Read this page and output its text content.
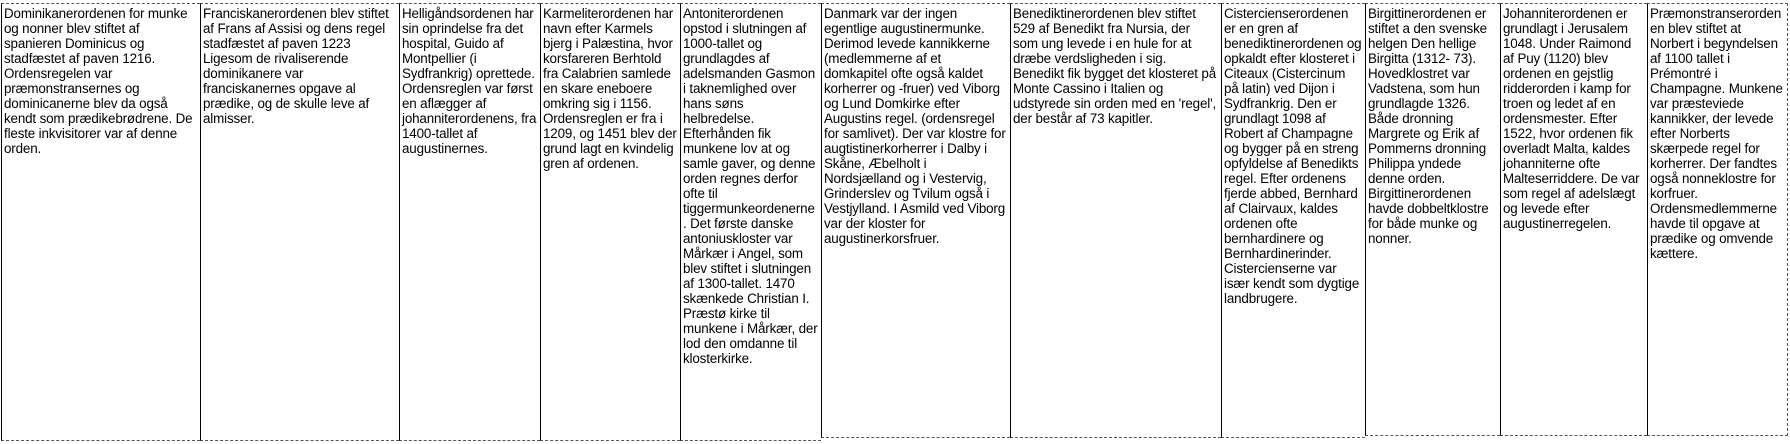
Dominikanerordenen for munke og nonner blev stiftet af spanieren Dominicus og stadfæstet af paven 1216. Ordensregelen var præmonstransernes og dominicanerne blev da også kendt som prædikebrødrene. De fleste inkvisitorer var af denne orden.
Franciskanerordenen blev stiftet af Frans af Assisi og dens regel stadfæstet af paven 1223 Ligesom de rivaliserende dominikanere var franciskanernes opgave al prædike, og de skulle leve af almisser.
Helligåndsordenen har sin oprindelse fra det hospital, Guido af Montpellier (i Sydfrankrig) oprettede. Ordensreglen var først en aflægger af johanniterordenens, fra 1400-tallet af augustinernes.
Karmeliterordenen har navn efter Karmels bjerg i Palæstina, hvor korsfareren Berhtold fra Calabrien samlede en skare eneboere omkring sig i 1156. Ordensreglen er fra i 1209, og 1451 blev der grund lagt en kvindelig gren af ordenen.
Antoniterordenen opstod i slutningen af 1000-tallet og grundlagdes af adelsmanden Gasmon i taknemlighed over hans søns helbredelse. Efterhånden fik munkene lov at og samle gaver, og denne orden regnes derfor ofte til tiggermunkeordenerne. Det første danske antoniuskloster var Mårkær i Angel, som blev stiftet i slutningen af 1300-tallet. 1470 skænkede Christian I. Præstø kirke til munkene i Mårkær, der lod den omdanne til klosterkirke.
Danmark var der ingen egentlige augustinermunke. Derimod levede kannikkerne (medlemmerne af et domkapitel ofte også kaldet korherrer og -fruer) ved Viborg og Lund Domkirke efter Augustins regel. (ordensregel for samlivet). Der var klostre for augtistinerkorherrer i Dalby i Skåne, Æbelholt i Nordsjælland og i Vestervig, Grinderslev og Tvilum også i Vestjylland. I Asmild ved Viborg var der kloster for augustinerkorsfruer.
Benediktinerordenen blev stiftet 529 af Benedikt fra Nursia, der som ung levede i en hule for at dræbe verdsligheden i sig. Benedikt fik bygget det klosteret på Monte Cassino i Italien og udstyrede sin orden med en 'regel', der består af 73 kapitler.
Cistercienserordenen er en gren af benediktinerordenen og opkaldt efter klosteret i Citeaux (Cistercinum på latin) ved Dijon i Sydfrankrig. Den er grundlagt 1098 af Robert af Champagne og bygger på en streng opfyldelse af Benedikts regel. Efter ordenens fjerde abbed, Bernhard af Clairvaux, kaldes ordenen ofte bernhardinere og Bernhardinerinder. Cistercienserne var især kendt som dygtige landbrugere.
Birgittinerordenen er stiftet a den svenske helgen Den hellige Birgitta (1312- 73). Hovedklostret var Vadstena, som hun grundlagde 1326. Både dronning Margrete og Erik af Pommerns dronning Philippa yndede denne orden. Birgittinerordenen havde dobbeltklostre for både munke og nonner.
Johanniterordenen er grundlagt i Jerusalem 1048. Under Raimond af Puy (1120) blev ordenen en gejstlig ridderorden i kamp for troen og ledet af en ordensmester. Efter 1522, hvor ordenen fik overladt Malta, kaldes johanniterne ofte Malteserriddere. De var som regel af adelslægt og levede efter augustinerregelen.
Præmonstranserorden en blev stiftet at Norbert i begyndelsen af 1100 tallet i Prémontré i Champagne. Munkene var præsteviede kannikker, der levede efter Norberts skærpede regel for korherrer. Der fandtes også nonneklostre for korfruer. Ordensmedlemmerne havde til opgave at prædike og omvende kættere.
